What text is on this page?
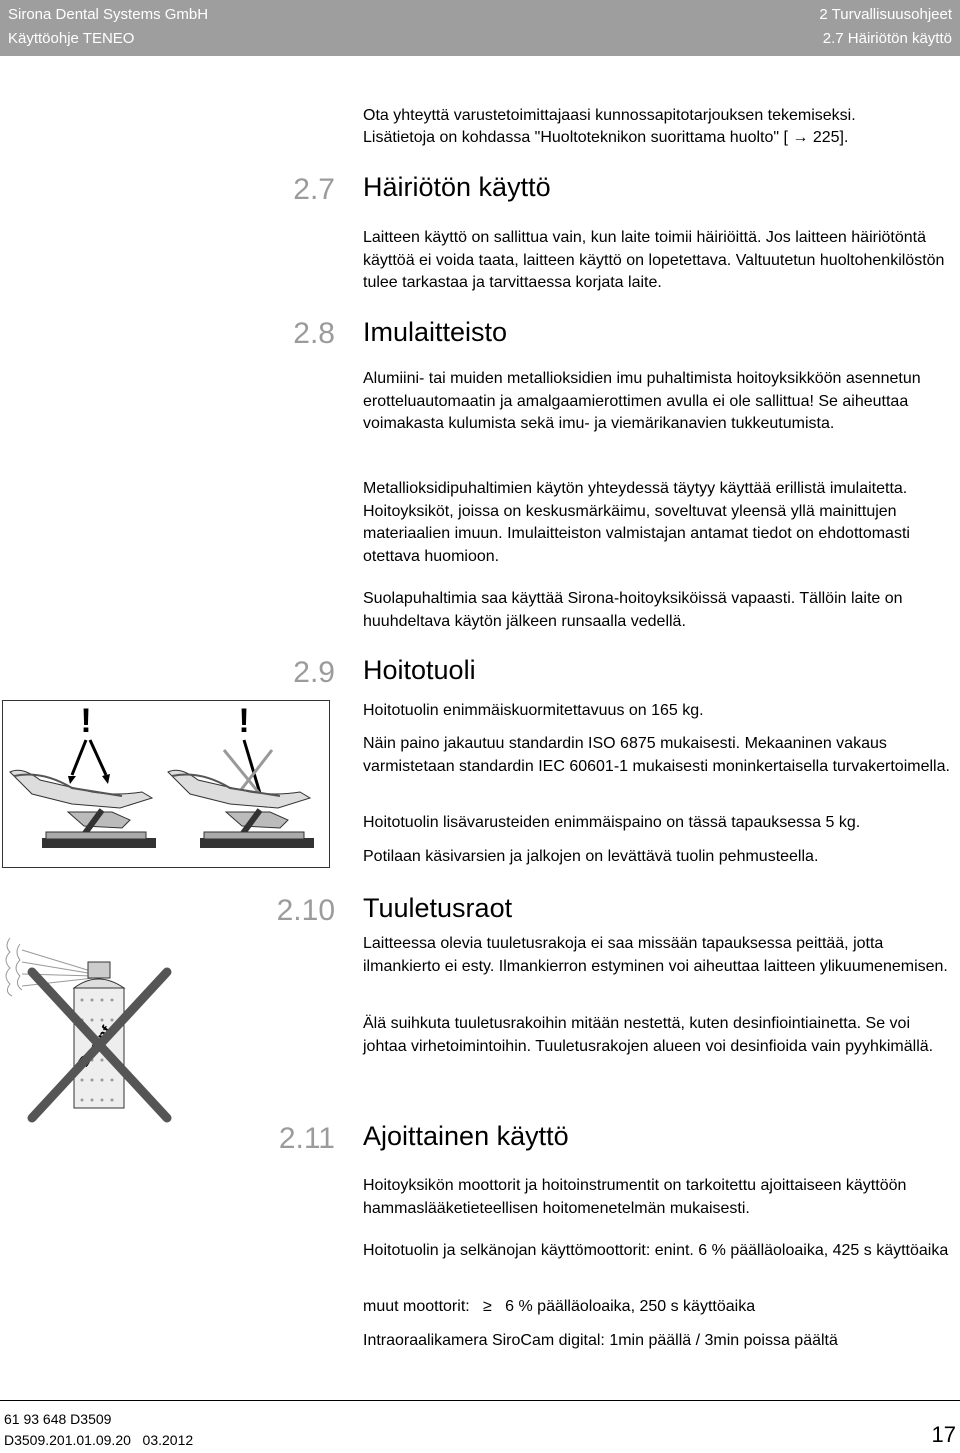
Sirona Dental Systems GmbH
Käyttöohje TENEO
2 Turvallisuusohjeet
2.7 Häiriötön käyttö

Ota yhteyttä varustetoimittajaasi kunnossapitotarjouksen tekemiseksi.

Lisätietoja on kohdassa "Huoltoteknikon suorittama huolto" [ → 225].

2.7 Häiriötön käyttö

Laitteen käyttö on sallittua vain, kun laite toimii häiriöittä. Jos laitteen häiriötöntä käyttöä ei voida taata, laitteen käyttö on lopetettava. Valtuutetun huoltohenkilöstön tulee tarkastaa ja tarvittaessa korjata laite.

2.8 Imulaitteisto

Alumiini- tai muiden metallioksidien imu puhaltimista hoitoyksikköön asennetun erotteluautomaatin ja amalgaamierottimen avulla ei ole sallittua! Se aiheuttaa voimakasta kulumista sekä imu- ja viemärikanavien tukkeutumista.

Metallioksidipuhaltimien käytön yhteydessä täytyy käyttää erillistä imulaitetta. Hoitoyksiköt, joissa on keskusmärkäimu, soveltuvat yleensä yllä mainittujen materiaalien imuun. Imulaitteiston valmistajan antamat tiedot on ehdottomasti otettava huomioon.

Suolapuhaltimia saa käyttää Sirona-hoitoyksiköissä vapaasti. Tällöin laite on huuhdeltava käytön jälkeen runsaalla vedellä.

2.9 Hoitotuoli

Hoitotuolin enimmäiskuormitettavuus on 165 kg.

Näin paino jakautuu standardin ISO 6875 mukaisesti. Mekaaninen vakaus varmistetaan standardin IEC 60601-1 mukaisesti moninkertaisella turvakertoimella.

Hoitotuolin lisävarusteiden enimmäispaino on tässä tapauksessa 5 kg.

Potilaan käsivarsien ja jalkojen on levättävä tuolin pehmusteella.

!	!
2.10 Tuuletusraot

Laitteessa olevia tuuletusrakoja ei saa missään tapauksessa peittää, jotta ilmankierto ei esty. Ilmankierron estyminen voi aiheuttaa laitteen ylikuumenemisen.

Älä suihkuta tuuletusrakoihin mitään nestettä, kuten desinfiointiainetta. Se voi johtaa virhetoimintoihin. Tuuletusrakojen alueen voi desinfioida vain pyyhkimällä.

2.11 Ajoittainen käyttö

Hoitoyksikön moottorit ja hoitoinstrumentit on tarkoitettu ajoittaiseen käyttöön hammaslääketieteellisen hoitomenetelmän mukaisesti.

Hoitotuolin ja selkänojan käyttömoottorit: enint. 6 % päälläoloaika, 425 s käyttöaika

muut moottorit:   ≥   6 % päälläoloaika, 250 s käyttöaika

Intraoraalikamera SiroCam digital: 1min päällä / 3min poissa päältä

61 93 648 D3509
D3509.201.01.09.20   03.2012	17
